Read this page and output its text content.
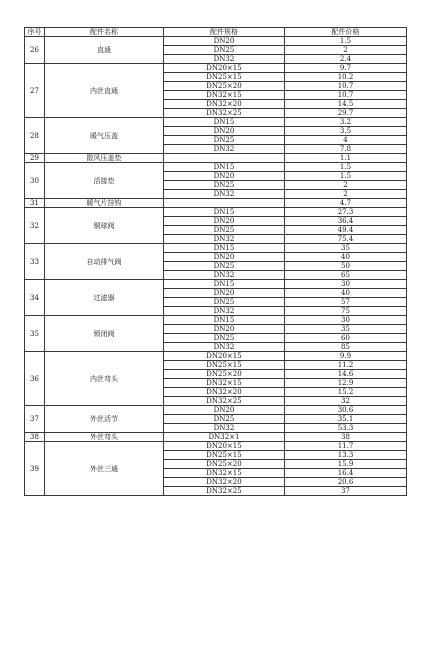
序号	配件名称	配件规格	配件价格
26	直通	DN20	1.5
		DN25	2
		DN32	2.4
27	内丝直通	DN20×15	9.7
		DN25×15	10.2
		DN25×20	10.7
		DN32×15	10.7
		DN32×20	14.5
		DN32×25	29.7
28	暖气压盖	DN15	3.2
		DN20	3.5
		DN25	4
		DN32	7.8
29	散风压盖垫		1.1
30	活接垫	DN15	1.5
		DN20	1.5
		DN25	2
		DN32	2
31	暖气片挂钩		4.7
32	铜球阀	DN15	27.3
		DN20	36.4
		DN25	49.4
		DN32	75.4
33	自动排气阀	DN15	35
		DN20	40
		DN25	50
		DN32	65
34	过滤器	DN15	30
		DN20	40
		DN25	57
		DN32	75
35	锁闭阀	DN15	30
		DN20	35
		DN25	60
		DN32	85
36	内丝弯头	DN20×15	9.9
		DN25×15	11.2
		DN25×20	14.6
		DN32×15	12.9
		DN32×20	15.2
		DN32×25	32
37	外丝活节	DN20	30.6
		DN25	35.1
		DN32	53.3
38	外丝弯头	DN32×1	38
39	外丝三通	DN20×15	11.7
		DN25×15	13.3
		DN25×20	15.9
		DN32×15	16.4
		DN32×20	20.6
		DN32×25	37
